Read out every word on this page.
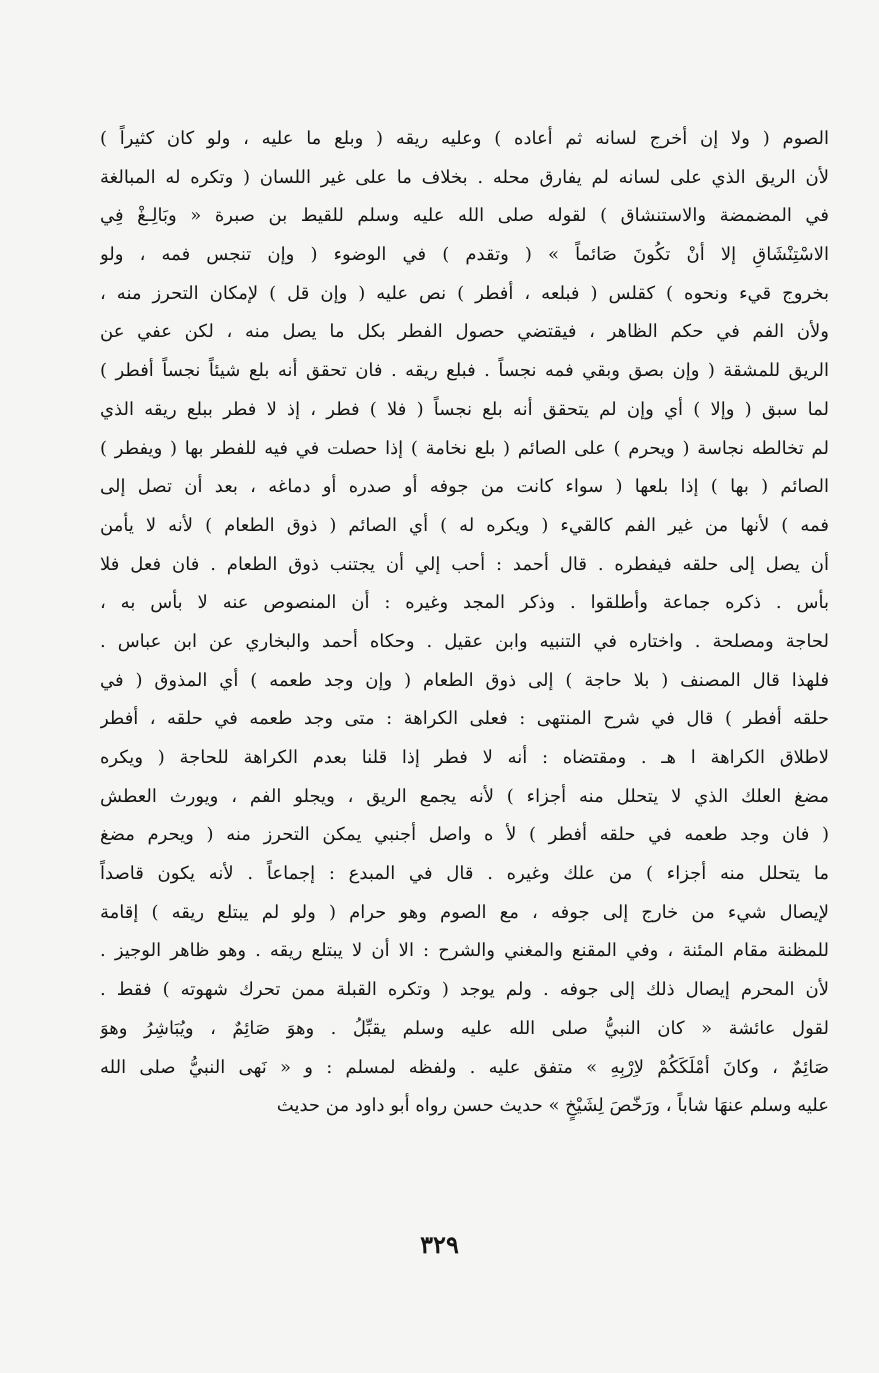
الصوم ( ولا إن أخرج لسانه ثم أعاده ) وعليه ريقه ( وبلع ما عليه ، ولو كان كثيراً )
لأن الريق الذي على لسانه لم يفارق محله . بخلاف ما على غير اللسان ( وتكره له المبالغة
في المضمضة والاستنشاق ) لقوله صلى الله عليه وسلم للقيط بن صبرة « وبَالِـغْ فِي
الاسْتِنْشَاقِ إلا أنْ تكُونَ صَائماً » ( وتقدم ) في الوضوء ( وإن تنجس فمه ، ولو
بخروج قيء ونحوه ) كقلس ( فبلعه ، أفطر ) نص عليه ( وإن قل ) لإمكان التحرز منه ،
ولأن الفم في حكم الظاهر ، فيقتضي حصول الفطر بكل ما يصل منه ، لكن عفي عن
الريق للمشقة ( وإن بصق وبقي فمه نجساً . فبلع ريقه . فان تحقق أنه بلع شيئاً نجساً أفطر )
لما سبق ( وإلا ) أي وإن لم يتحقق أنه بلع نجساً ( فلا ) فطر ، إذ لا فطر ببلع ريقه الذي
لم تخالطه نجاسة ( ويحرم ) على الصائم ( بلع نخامة ) إذا حصلت في فيه للفطر بها ( ويفطر )
الصائم ( بها ) إذا بلعها ( سواء كانت من جوفه أو صدره أو دماغه ، بعد أن تصل إلى
فمه ) لأنها من غير الفم كالقيء ( ويكره له ) أي الصائم ( ذوق الطعام ) لأنه لا يأمن
أن يصل إلى حلقه فيفطره . قال أحمد : أحب إلي أن يجتنب ذوق الطعام . فان فعل فلا
بأس . ذكره جماعة وأطلقوا . وذكر المجد وغيره : أن المنصوص عنه لا بأس به ،
لحاجة ومصلحة . واختاره في التنبيه وابن عقيل . وحكاه أحمد والبخاري عن ابن عباس .
فلهذا قال المصنف ( بلا حاجة ) إلى ذوق الطعام ( وإن وجد طعمه ) أي المذوق ( في
حلقه أفطر ) قال في شرح المنتهى : فعلى الكراهة : متى وجد طعمه في حلقه ، أفطر
لاطلاق الكراهة ا هـ . ومقتضاه : أنه لا فطر إذا قلنا بعدم الكراهة للحاجة ( ويكره
مضغ العلك الذي لا يتحلل منه أجزاء ) لأنه يجمع الريق ، ويجلو الفم ، ويورث العطش
( فان وجد طعمه في حلقه أفطر ) لأ ه واصل أجنبي يمكن التحرز منه ( ويحرم مضغ
ما يتحلل منه أجزاء ) من علك وغيره . قال في المبدع : إجماعاً . لأنه يكون قاصداً
لإيصال شيء من خارج إلى جوفه ، مع الصوم وهو حرام ( ولو لم يبتلع ريقه ) إقامة
للمظنة مقام المئنة ، وفي المقنع والمغني والشرح : الا أن لا يبتلع ريقه . وهو ظاهر الوجيز .
لأن المحرم إيصال ذلك إلى جوفه . ولم يوجد ( وتكره القبلة ممن تحرك شهوته ) فقط .
لقول عائشة « كان النبيُّ صلى الله عليه وسلم يقبِّلُ . وهوَ صَائِمٌ ، ويُبَاشِرُ وهوَ
صَائِمٌ ، وكانَ أمْلَكَكُمْ لاِرْبِهِ » متفق عليه . ولفظه لمسلم : و « نَهى النبيُّ صلى الله
عليه وسلم عنهَا شاباً ، ورَخّصَ لِشَيْخٍ » حديث حسن رواه أبو داود من حديث
٣٢٩
